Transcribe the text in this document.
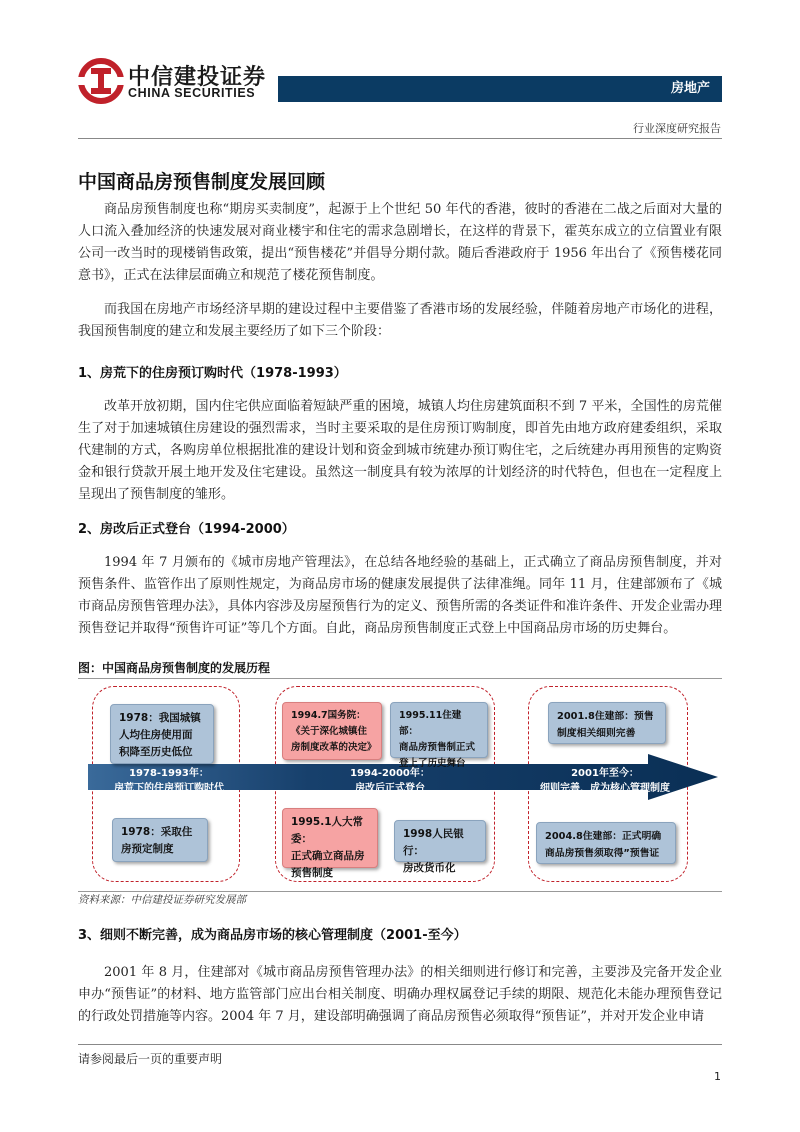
中信建投证券
CHINA SECURITIES	房地产
行业深度研究报告
中国商品房预售制度发展回顾
商品房预售制度也称“期房买卖制度”，起源于上个世纪 50 年代的香港，彼时的香港在二战之后面对大量的人口流入叠加经济的快速发展对商业楼宇和住宅的需求急剧增长，在这样的背景下，霍英东成立的立信置业有限公司一改当时的现楼销售政策，提出“预售楼花”并倡导分期付款。随后香港政府于 1956 年出台了《预售楼花同意书》，正式在法律层面确立和规范了楼花预售制度。
而我国在房地产市场经济早期的建设过程中主要借鉴了香港市场的发展经验，伴随着房地产市场化的进程，我国预售制度的建立和发展主要经历了如下三个阶段：
1、房荒下的住房预订购时代（1978-1993）
改革开放初期，国内住宅供应面临着短缺严重的困境，城镇人均住房建筑面积不到 7 平米，全国性的房荒催生了对于加速城镇住房建设的强烈需求，当时主要采取的是住房预订购制度，即首先由地方政府建委组织，采取代建制的方式，各购房单位根据批准的建设计划和资金到城市统建办预订购住宅，之后统建办再用预售的定购资金和银行贷款开展土地开发及住宅建设。虽然这一制度具有较为浓厚的计划经济的时代特色，但也在一定程度上呈现出了预售制度的雏形。
2、房改后正式登台（1994-2000）
1994 年 7 月颁布的《城市房地产管理法》，在总结各地经验的基础上，正式确立了商品房预售制度，并对预售条件、监管作出了原则性规定，为商品房市场的健康发展提供了法律准绳。同年 11 月，住建部颁布了《城市商品房预售管理办法》，具体内容涉及房屋预售行为的定义、预售所需的各类证件和准许条件、开发企业需办理预售登记并取得“预售许可证”等几个方面。自此，商品房预售制度正式登上中国商品房市场的历史舞台。
图：中国商品房预售制度的发展历程
1978-1993年：
房荒下的住房预订购时代
1994-2000年：
房改后正式登台
2001年至今：
细则完善，成为核心管理制度
1978：我国城镇
人均住房使用面
积降至历史低位
1978：采取住
房预定制度
1994.7国务院：
《关于深化城镇住
房制度改革的决定》
1995.11住建部：
商品房预售制正式
登上了历史舞台
1995.1人大常委：
正式确立商品房
预售制度
1998人民银行：
房改货币化
2001.8住建部：预售
制度相关细则完善
2004.8住建部：正式明确
商品房预售须取得”预售证
资料来源：中信建投证券研究发展部
3、细则不断完善，成为商品房市场的核心管理制度（2001-至今）
2001 年 8 月，住建部对《城市商品房预售管理办法》的相关细则进行修订和完善，主要涉及完备开发企业申办“预售证”的材料、地方监管部门应出台相关制度、明确办理权属登记手续的期限、规范化未能办理预售登记的行政处罚措施等内容。2004 年 7 月，建设部明确强调了商品房预售必须取得“预售证”，并对开发企业申请
请参阅最后一页的重要声明
1
